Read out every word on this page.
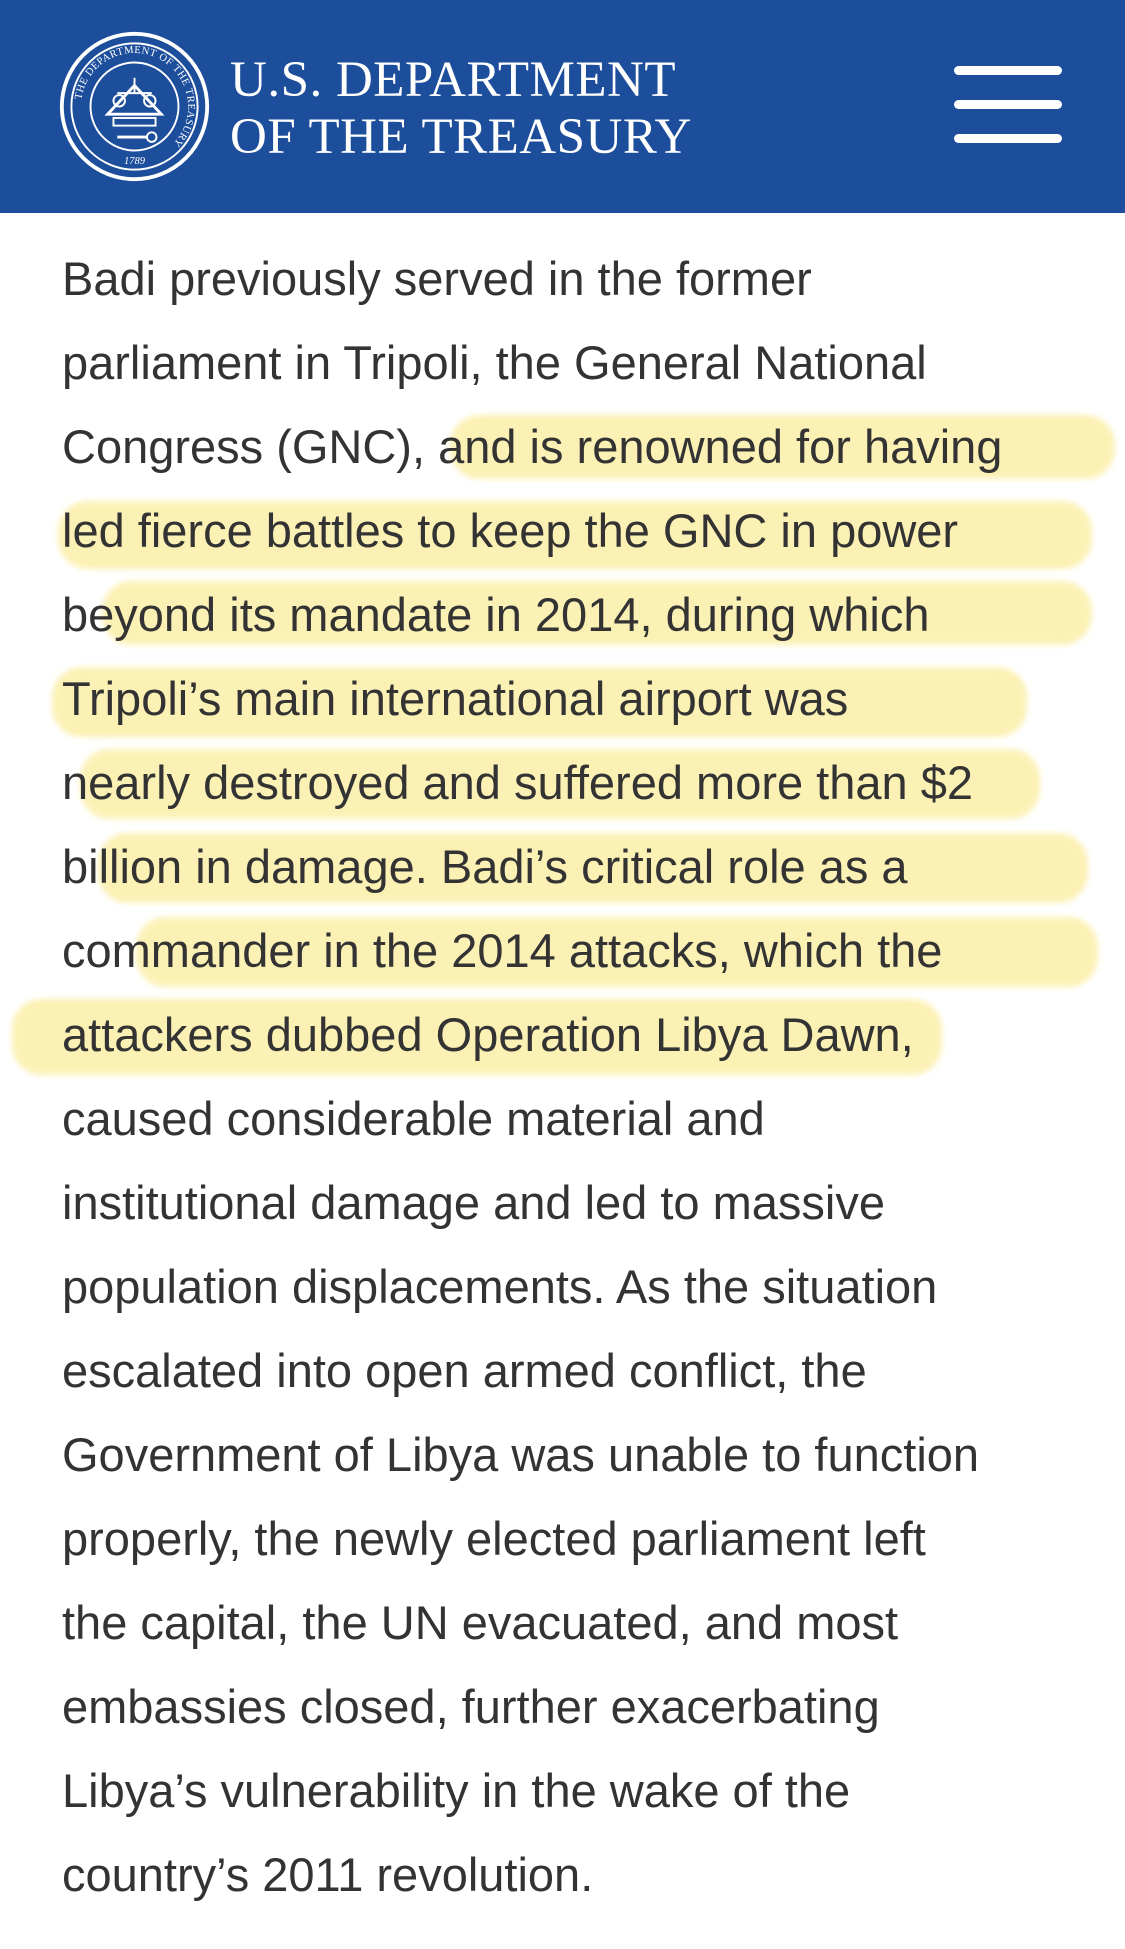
THE DEPARTMENT OF THE TREASURY
1789
U.S. DEPARTMENT
OF THE TREASURY
Badi previously served in the former
parliament in Tripoli, the General National
Congress (GNC), and is renowned for having
led fierce battles to keep the GNC in power
beyond its mandate in 2014, during which
Tripoli’s main international airport was
nearly destroyed and suffered more than $2
billion in damage. Badi’s critical role as a
commander in the 2014 attacks, which the
attackers dubbed Operation Libya Dawn,
caused considerable material and
institutional damage and led to massive
population displacements. As the situation
escalated into open armed conflict, the
Government of Libya was unable to function
properly, the newly elected parliament left
the capital, the UN evacuated, and most
embassies closed, further exacerbating
Libya’s vulnerability in the wake of the
country’s 2011 revolution.
